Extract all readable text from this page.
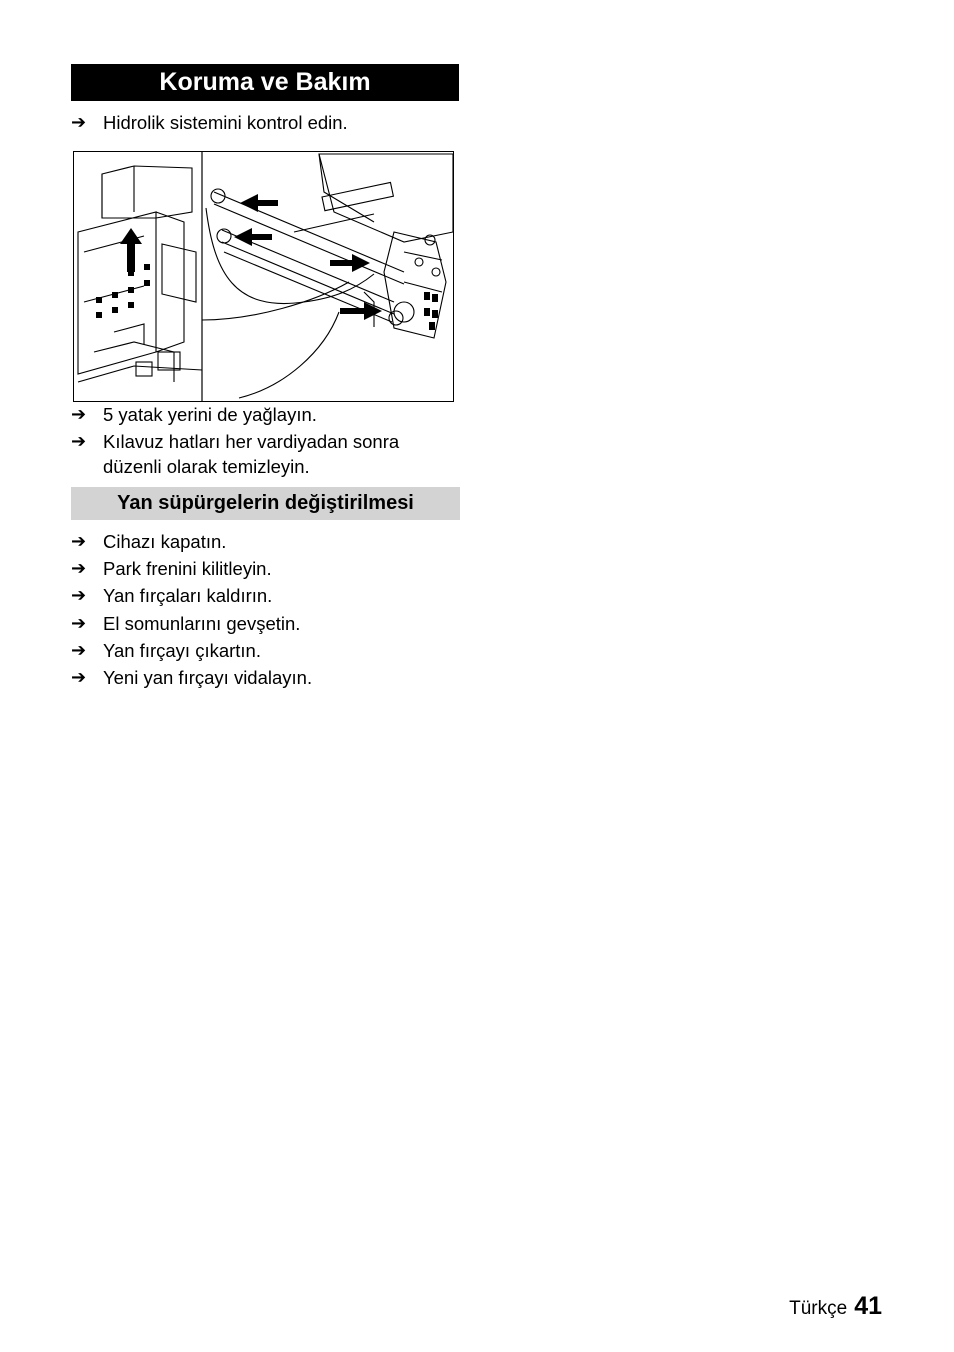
Koruma ve Bakım
➔ Hidrolik sistemini kontrol edin.
➔ 5 yatak yerini de yağlayın.
➔ Kılavuz hatları her vardiyadan sonra düzenli olarak temizleyin.
Yan süpürgelerin değiştirilmesi
➔ Cihazı kapatın.
➔ Park frenini kilitleyin.
➔ Yan fırçaları kaldırın.
➔ El somunlarını gevşetin.
➔ Yan fırçayı çıkartın.
➔ Yeni yan fırçayı vidalayın.
Türkçe 41
